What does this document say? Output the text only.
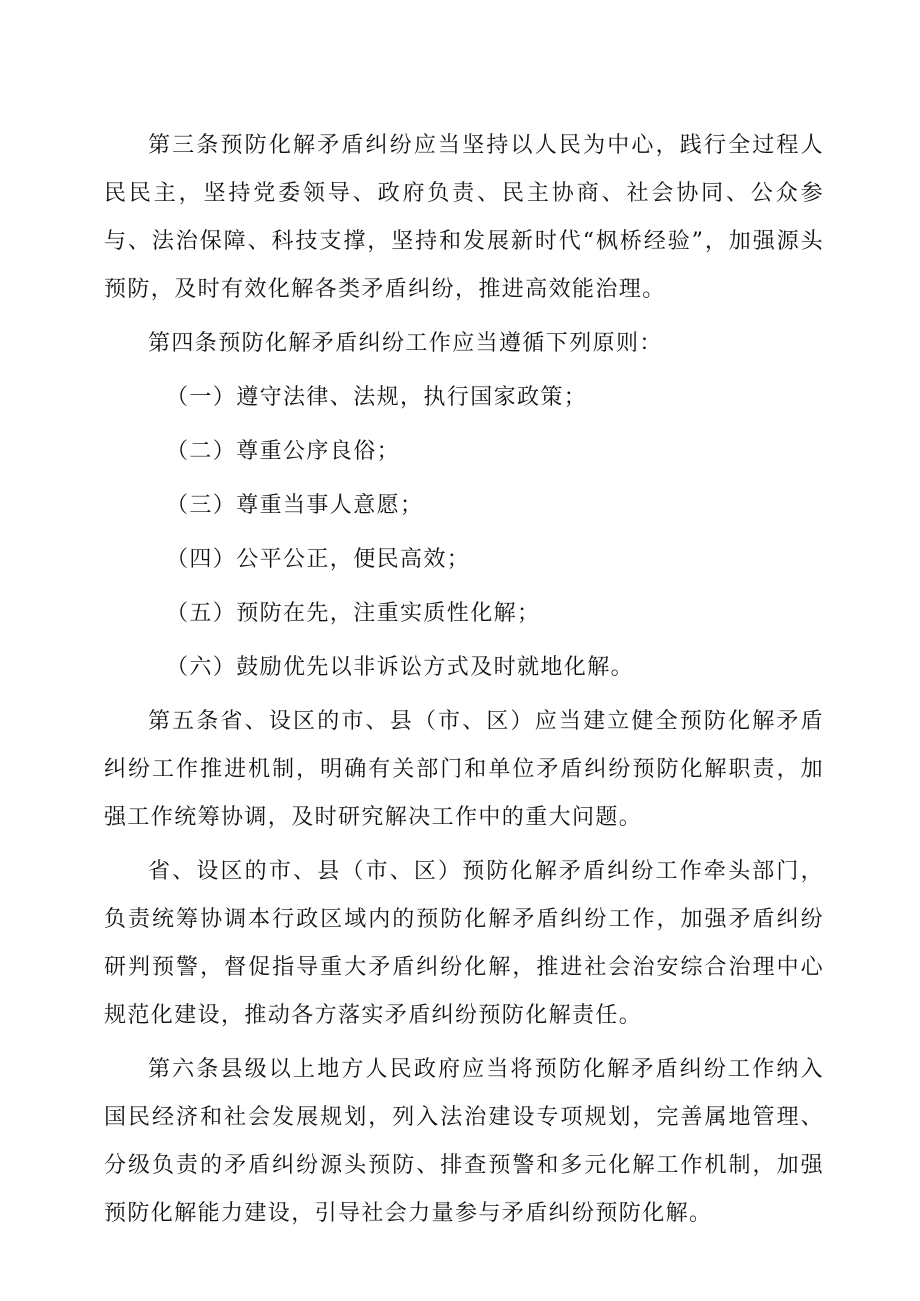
第三条预防化解矛盾纠纷应当坚持以人民为中心，践行全过程人民民主，坚持党委领导、政府负责、民主协商、社会协同、公众参与、法治保障、科技支撑，坚持和发展新时代“枫桥经验”，加强源头预防，及时有效化解各类矛盾纠纷，推进高效能治理。

第四条预防化解矛盾纠纷工作应当遵循下列原则：

（一）遵守法律、法规，执行国家政策；

（二）尊重公序良俗；

（三）尊重当事人意愿；

（四）公平公正，便民高效；

（五）预防在先，注重实质性化解；

（六）鼓励优先以非诉讼方式及时就地化解。

第五条省、设区的市、县（市、区）应当建立健全预防化解矛盾纠纷工作推进机制，明确有关部门和单位矛盾纠纷预防化解职责，加强工作统筹协调，及时研究解决工作中的重大问题。

省、设区的市、县（市、区）预防化解矛盾纠纷工作牵头部门，负责统筹协调本行政区域内的预防化解矛盾纠纷工作，加强矛盾纠纷研判预警，督促指导重大矛盾纠纷化解，推进社会治安综合治理中心规范化建设，推动各方落实矛盾纠纷预防化解责任。

第六条县级以上地方人民政府应当将预防化解矛盾纠纷工作纳入国民经济和社会发展规划，列入法治建设专项规划，完善属地管理、分级负责的矛盾纠纷源头预防、排查预警和多元化解工作机制，加强预防化解能力建设，引导社会力量参与矛盾纠纷预防化解。
